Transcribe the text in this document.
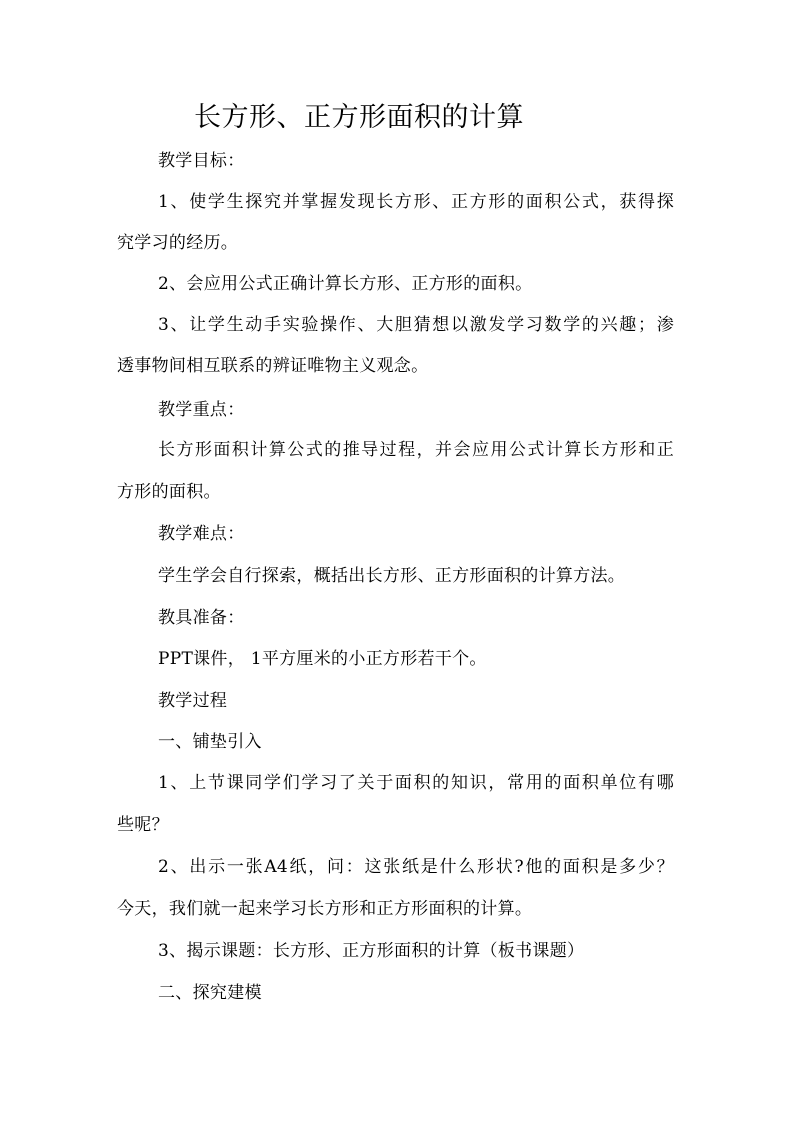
长方形、正方形面积的计算
教学目标：
1、使学生探究并掌握发现长方形、正方形的面积公式，获得探
究学习的经历。
2、会应用公式正确计算长方形、正方形的面积。
3、让学生动手实验操作、大胆猜想以激发学习数学的兴趣；渗
透事物间相互联系的辨证唯物主义观念。
教学重点：
长方形面积计算公式的推导过程，并会应用公式计算长方形和正
方形的面积。
教学难点：
学生学会自行探索，概括出长方形、正方形面积的计算方法。
教具准备：
PPT课件， 1平方厘米的小正方形若干个。
教学过程
一、铺垫引入
1、上节课同学们学习了关于面积的知识，常用的面积单位有哪
些呢？
2、出示一张A4纸，问：这张纸是什么形状?他的面积是多少？
今天，我们就一起来学习长方形和正方形面积的计算。
3、揭示课题：长方形、正方形面积的计算（板书课题）
二、探究建模
